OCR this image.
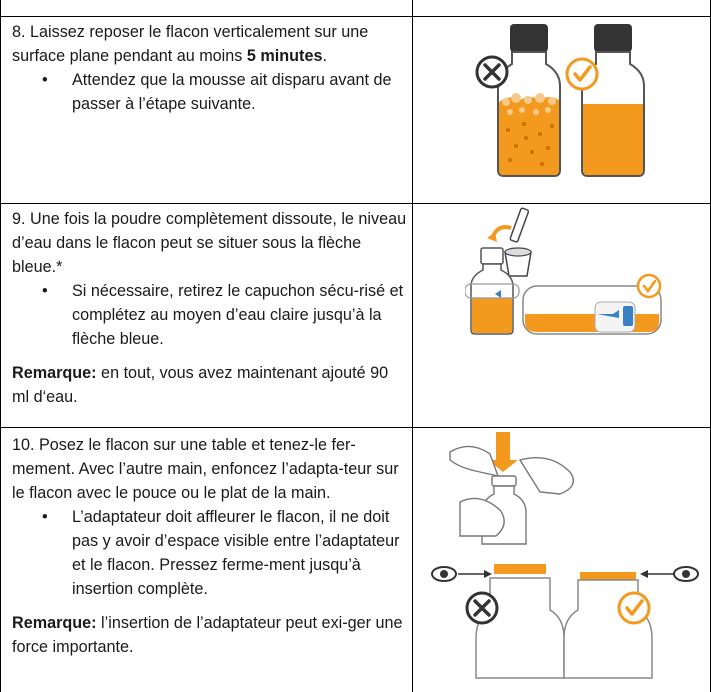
8. Laissez reposer le flacon verticalement sur une surface plane pendant au moins 5 minutes.

• Attendez que la mousse ait disparu avant de passer à l’étape suivante.

9. Une fois la poudre complètement dissoute, le niveau d’eau dans le flacon peut se situer sous la flèche bleue.*

• Si nécessaire, retirez le capuchon sécu-risé et complétez au moyen d’eau claire jusqu’à la flèche bleue.

Remarque: en tout, vous avez maintenant ajouté 90 ml d‘eau.

10. Posez le flacon sur une table et tenez-le fer-mement. Avec l’autre main, enfoncez l’adapta-teur sur le flacon avec le pouce ou le plat de la main.

• L’adaptateur doit affleurer le flacon, il ne doit pas y avoir d’espace visible entre l’adaptateur et le flacon. Pressez ferme-ment jusqu’à insertion complète.

Remarque: l’insertion de l’adaptateur peut exi-ger une force importante.
